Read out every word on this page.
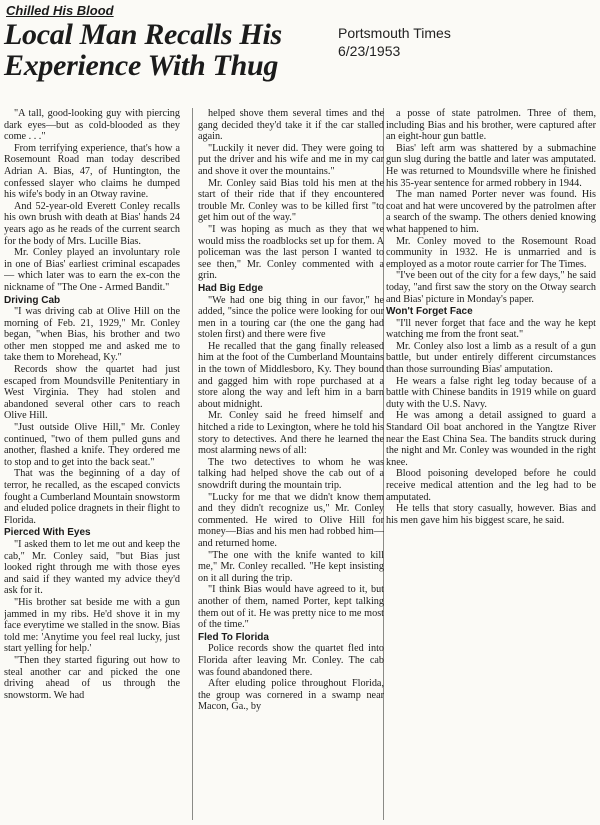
Chilled His Blood
Local Man Recalls His Experience With Thug
Portsmouth Times
6/23/1953

"A tall, good-looking guy with piercing dark eyes—but as cold-blooded as they come . . ."

From terrifying experience, that's how a Rosemount Road man today described Adrian A. Bias, 47, of Huntington, the confessed slayer who claims he dumped his wife's body in an Otway ravine.

And 52-year-old Everett Conley recalls his own brush with death at Bias' hands 24 years ago as he reads of the current search for the body of Mrs. Lucille Bias.

Mr. Conley played an involuntary role in one of Bias' earliest criminal escapades — which later was to earn the ex-con the nickname of "The One - Armed Bandit."

Driving Cab

"I was driving cab at Olive Hill on the morning of Feb. 21, 1929," Mr. Conley began, "when Bias, his brother and two other men stopped me and asked me to take them to Morehead, Ky."

Records show the quartet had just escaped from Moundsville Penitentiary in West Virginia. They had stolen and abandoned several other cars to reach Olive Hill.

"Just outside Olive Hill," Mr. Conley continued, "two of them pulled guns and another, flashed a knife. They ordered me to stop and to get into the back seat."

That was the beginning of a day of terror, he recalled, as the escaped convicts fought a Cumberland Mountain snowstorm and eluded police dragnets in their flight to Florida.

Pierced With Eyes

"I asked them to let me out and keep the cab," Mr. Conley said, "but Bias just looked right through me with those eyes and said if they wanted my advice they'd ask for it.

"His brother sat beside me with a gun jammed in my ribs. He'd shove it in my face everytime we stalled in the snow. Bias told me: 'Anytime you feel real lucky, just start yelling for help.'

"Then they started figuring out how to steal another car and picked the one driving ahead of us through the snowstorm. We had

helped shove them several times and the gang decided they'd take it if the car stalled again.

"Luckily it never did. They were going to put the driver and his wife and me in my car and shove it over the mountains."

Mr. Conley said Bias told his men at the start of their ride that if they encountered trouble Mr. Conley was to be killed first "to get him out of the way."

"I was hoping as much as they that we would miss the roadblocks set up for them. A policeman was the last person I wanted to see then," Mr. Conley commented with a grin.

Had Big Edge

"We had one big thing in our favor," he added, "since the police were looking for our men in a touring car (the one the gang had stolen first) and there were five

He recalled that the gang finally released him at the foot of the Cumberland Mountains in the town of Middlesboro, Ky. They bound and gagged him with rope purchased at a store along the way and left him in a barn about midnight.

Mr. Conley said he freed himself and hitched a ride to Lexington, where he told his story to detectives. And there he learned the most alarming news of all:

The two detectives to whom he was talking had helped shove the cab out of a snowdrift during the mountain trip.

"Lucky for me that we didn't know them and they didn't recognize us," Mr. Conley commented. He wired to Olive Hill for money—Bias and his men had robbed him—and returned home.

"The one with the knife wanted to kill me," Mr. Conley recalled. "He kept insisting on it all during the trip.

"I think Bias would have agreed to it, but another of them, named Porter, kept talking them out of it. He was pretty nice to me most of the time."

Fled To Florida

Police records show the quartet fled into Florida after leaving Mr. Conley. The cab was found abandoned there.

After eluding police throughout Florida, the group was cornered in a swamp near Macon, Ga., by

a posse of state patrolmen. Three of them, including Bias and his brother, were captured after an eight-hour gun battle.

Bias' left arm was shattered by a submachine gun slug during the battle and later was amputated. He was returned to Moundsville where he finished his 35-year sentence for armed robbery in 1944.

The man named Porter never was found. His coat and hat were uncovered by the patrolmen after a search of the swamp. The others denied knowing what happened to him.

Mr. Conley moved to the Rosemount Road community in 1932. He is unmarried and is employed as a motor route carrier for The Times.

"I've been out of the city for a few days," he said today, "and first saw the story on the Otway search and Bias' picture in Monday's paper.

Won't Forget Face

"I'll never forget that face and the way he kept watching me from the front seat."

Mr. Conley also lost a limb as a result of a gun battle, but under entirely different circumstances than those surrounding Bias' amputation.

He wears a false right leg today because of a battle with Chinese bandits in 1919 while on guard duty with the U.S. Navy.

He was among a detail assigned to guard a Standard Oil boat anchored in the Yangtze River near the East China Sea. The bandits struck during the night and Mr. Conley was wounded in the right knee.

Blood poisoning developed before he could receive medical attention and the leg had to be amputated.

He tells that story casually, however. Bias and his men gave him his biggest scare, he said.
